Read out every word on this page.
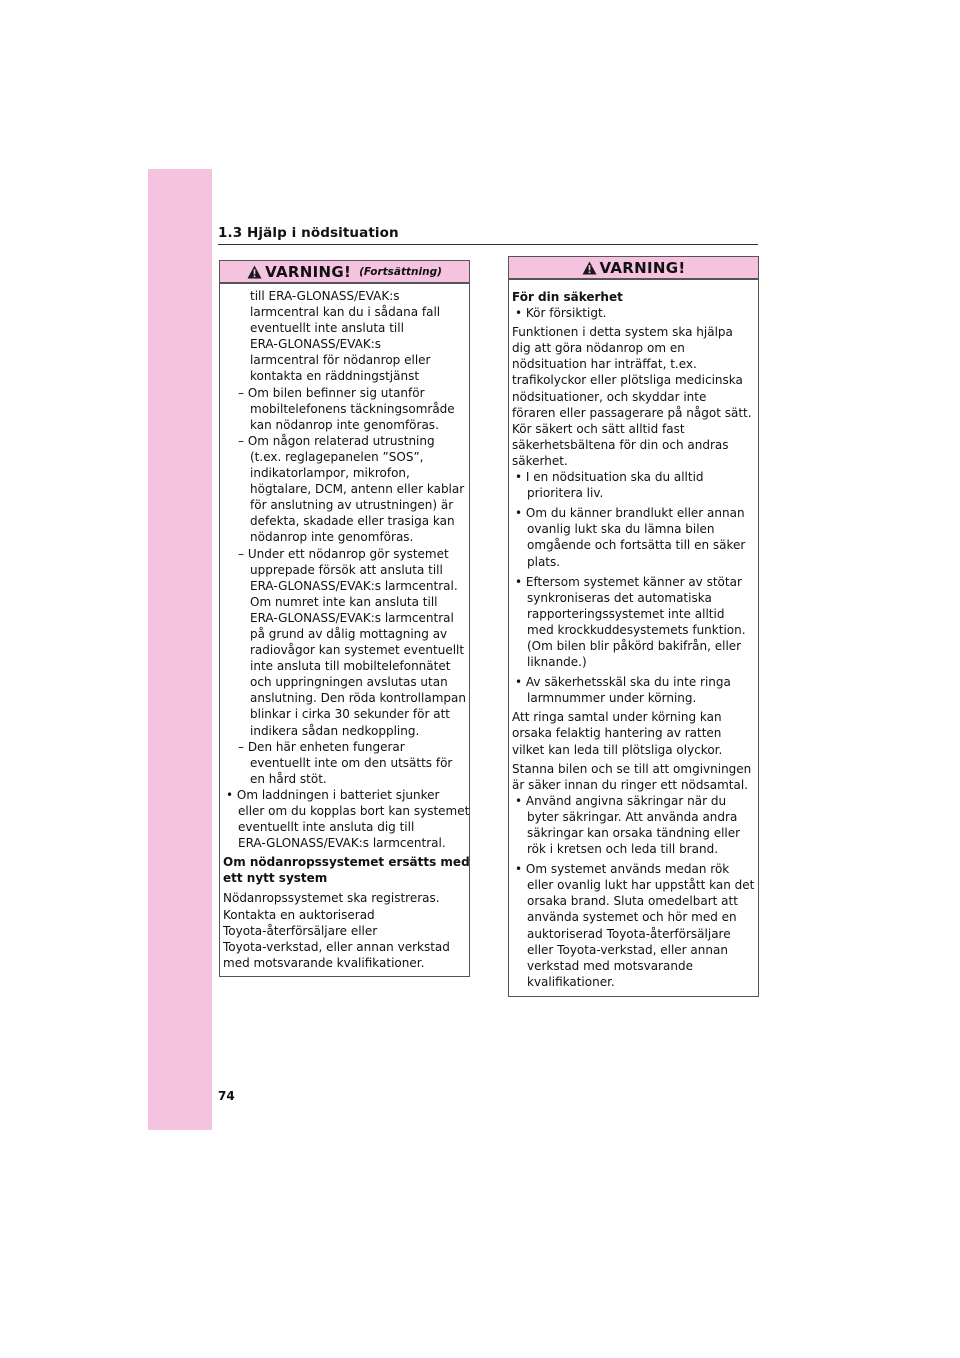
1.3 Hjälp i nödsituation
VARNING! (Fortsättning)
till ERA-GLONASS/EVAK:s
larmcentral kan du i sådana fall
eventuellt inte ansluta till
ERA-GLONASS/EVAK:s
larmcentral för nödanrop eller
kontakta en räddningstjänst
– Om bilen befinner sig utanför
mobiltelefonens täckningsområde
kan nödanrop inte genomföras.
– Om någon relaterad utrustning
(t.ex. reglagepanelen ”SOS”,
indikatorlampor, mikrofon,
högtalare, DCM, antenn eller kablar
för anslutning av utrustningen) är
defekta, skadade eller trasiga kan
nödanrop inte genomföras.
– Under ett nödanrop gör systemet
upprepade försök att ansluta till
ERA-GLONASS/EVAK:s larmcentral.
Om numret inte kan ansluta till
ERA-GLONASS/EVAK:s larmcentral
på grund av dålig mottagning av
radiovågor kan systemet eventuellt
inte ansluta till mobiltelefonnätet
och uppringningen avslutas utan
anslutning. Den röda kontrollampan
blinkar i cirka 30 sekunder för att
indikera sådan nedkoppling.
– Den här enheten fungerar
eventuellt inte om den utsätts för
en hård stöt.
• Om laddningen i batteriet sjunker
eller om du kopplas bort kan systemet
eventuellt inte ansluta dig till
ERA-GLONASS/EVAK:s larmcentral.
Om nödanropssystemet ersätts med
ett nytt system
Nödanropssystemet ska registreras.
Kontakta en auktoriserad
Toyota-återförsäljare eller
Toyota-verkstad, eller annan verkstad
med motsvarande kvalifikationer.
VARNING!
För din säkerhet
• Kör försiktigt.
Funktionen i detta system ska hjälpa
dig att göra nödanrop om en
nödsituation har inträffat, t.ex.
trafikolyckor eller plötsliga medicinska
nödsituationer, och skyddar inte
föraren eller passagerare på något sätt.
Kör säkert och sätt alltid fast
säkerhetsbältena för din och andras
säkerhet.
• I en nödsituation ska du alltid
prioritera liv.
• Om du känner brandlukt eller annan
ovanlig lukt ska du lämna bilen
omgående och fortsätta till en säker
plats.
• Eftersom systemet känner av stötar
synkroniseras det automatiska
rapporteringssystemet inte alltid
med krockkuddesystemets funktion.
(Om bilen blir påkörd bakifrån, eller
liknande.)
• Av säkerhetsskäl ska du inte ringa
larmnummer under körning.
Att ringa samtal under körning kan
orsaka felaktig hantering av ratten
vilket kan leda till plötsliga olyckor.
Stanna bilen och se till att omgivningen
är säker innan du ringer ett nödsamtal.
• Använd angivna säkringar när du
byter säkringar. Att använda andra
säkringar kan orsaka tändning eller
rök i kretsen och leda till brand.
• Om systemet används medan rök
eller ovanlig lukt har uppstått kan det
orsaka brand. Sluta omedelbart att
använda systemet och hör med en
auktoriserad Toyota-återförsäljare
eller Toyota-verkstad, eller annan
verkstad med motsvarande
kvalifikationer.
74
